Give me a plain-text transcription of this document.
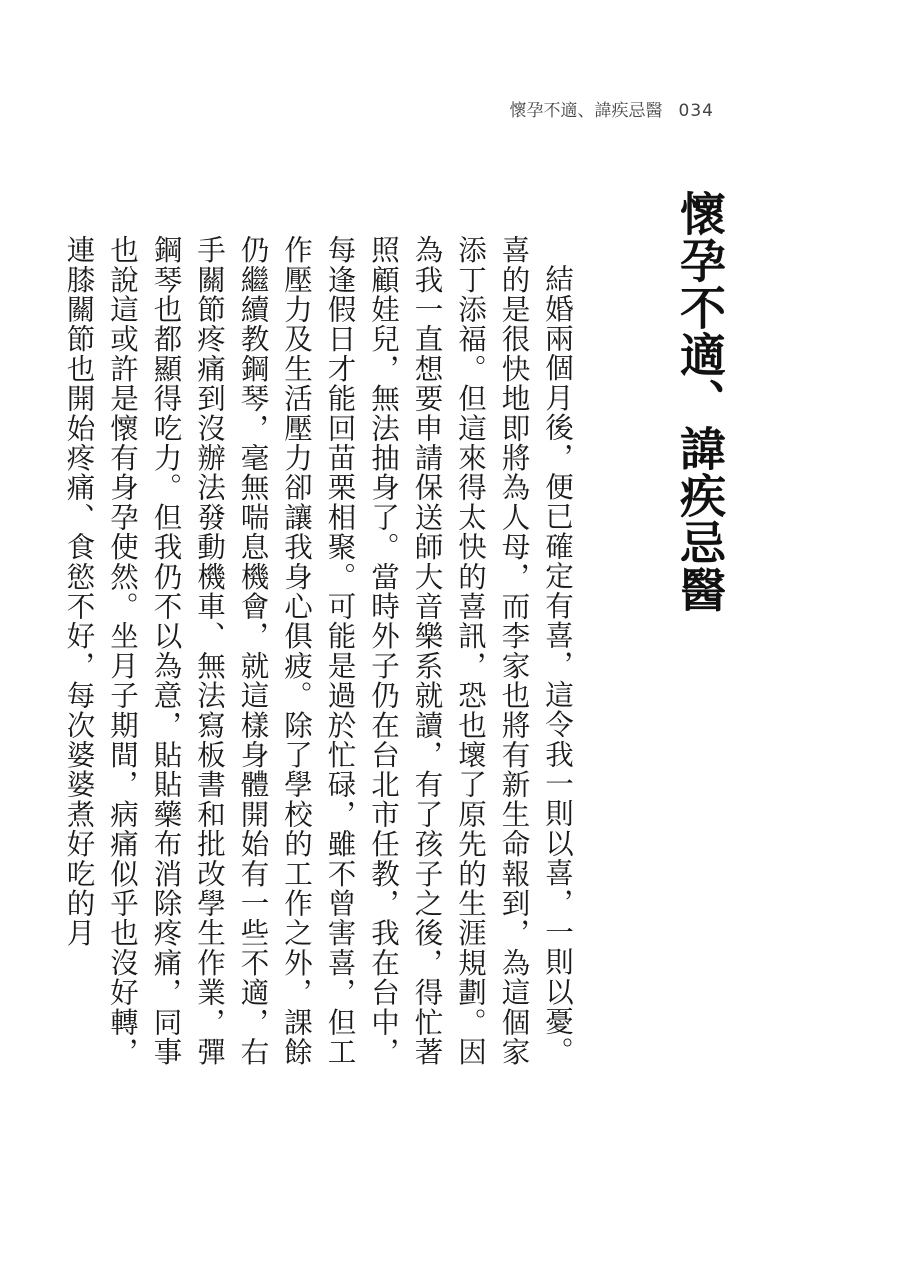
懷孕不適、諱疾忌醫 034
懷孕不適、諱疾忌醫

結婚兩個月後，便已確定有喜，這令我一則以喜，一則以憂。喜的是很快地即將為人母，而李家也將有新生命報到，為這個家添丁添福。但這來得太快的喜訊，恐也壞了原先的生涯規劃。因為我一直想要申請保送師大音樂系就讀，有了孩子之後，得忙著照顧娃兒，無法抽身了。當時外子仍在台北市任教，我在台中，每逢假日才能回苗栗相聚。可能是過於忙碌，雖不曾害喜，但工作壓力及生活壓力卻讓我身心俱疲。除了學校的工作之外，課餘仍繼續教鋼琴，毫無喘息機會，就這樣身體開始有一些不適，右手關節疼痛到沒辦法發動機車、無法寫板書和批改學生作業，彈鋼琴也都顯得吃力。但我仍不以為意，貼貼藥布消除疼痛，同事也說這或許是懷有身孕使然。坐月子期間，病痛似乎也沒好轉，連膝關節也開始疼痛、食慾不好，每次婆婆煮好吃的月
